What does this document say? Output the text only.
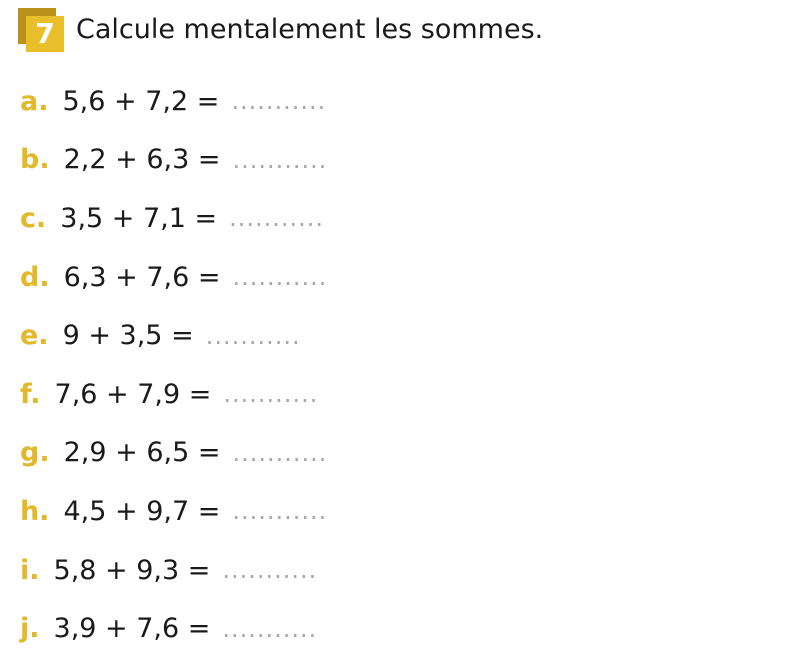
7 Calcule mentalement les sommes.
a. 5,6 + 7,2 = ...........
b. 2,2 + 6,3 = ...........
c. 3,5 + 7,1 = ...........
d. 6,3 + 7,6 = ...........
e. 9 + 3,5 = ...........
f. 7,6 + 7,9 = ...........
g. 2,9 + 6,5 = ...........
h. 4,5 + 9,7 = ...........
i. 5,8 + 9,3 = ...........
j. 3,9 + 7,6 = ...........
